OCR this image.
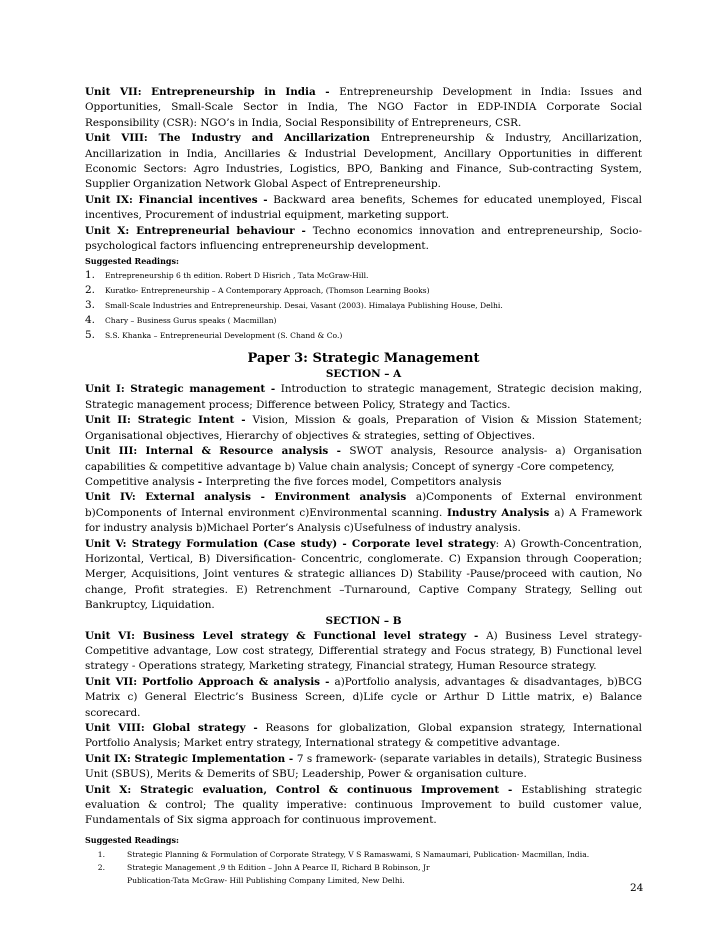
Unit VII: Entrepreneurship in India - Entrepreneurship Development in India: Issues and Opportunities, Small-Scale Sector in India, The NGO Factor in EDP-INDIA Corporate Social Responsibility (CSR): NGO’s in India, Social Responsibility of Entrepreneurs, CSR.

Unit VIII: The Industry and Ancillarization Entrepreneurship & Industry, Ancillarization, Ancillarization in India, Ancillaries & Industrial Development, Ancillary Opportunities in different Economic Sectors: Agro Industries, Logistics, BPO, Banking and Finance, Sub-contracting System, Supplier Organization Network Global Aspect of Entrepreneurship.

Unit IX: Financial incentives - Backward area benefits, Schemes for educated unemployed, Fiscal incentives, Procurement of industrial equipment, marketing support.

Unit X: Entrepreneurial behaviour - Techno economics innovation and entrepreneurship, Socio-psychological factors influencing entrepreneurship development.

Suggested Readings:
1.	Entrepreneurship 6 th edition. Robert D Hisrich , Tata McGraw-Hill.
2.	Kuratko- Entrepreneurship – A Contemporary Approach, (Thomson Learning Books)
3.	Small-Scale Industries and Entrepreneurship. Desai, Vasant (2003). Himalaya Publishing House, Delhi.
4.	Chary – Business Gurus speaks ( Macmillan)
5.	S.S. Khanka – Entrepreneurial Development (S. Chand & Co.)
Paper 3: Strategic Management
SECTION – A

Unit I: Strategic management - Introduction to strategic management, Strategic decision making, Strategic management process; Difference between Policy, Strategy and Tactics.

Unit II: Strategic Intent - Vision, Mission & goals, Preparation of Vision & Mission Statement; Organisational objectives, Hierarchy of objectives & strategies, setting of Objectives.

Unit III: Internal & Resource analysis - SWOT analysis, Resource analysis- a) Organisation capabilities & competitive advantage b) Value chain analysis; Concept of synergy -Core competency,
Competitive analysis - Interpreting the five forces model, Competitors analysis

Unit IV: External analysis - Environment analysis a)Components of External environment b)Components of Internal environment c)Environmental scanning. Industry Analysis a) A Framework for industry analysis b)Michael Porter’s Analysis c)Usefulness of industry analysis.

Unit V: Strategy Formulation (Case study) - Corporate level strategy: A) Growth-Concentration, Horizontal, Vertical, B) Diversification- Concentric, conglomerate. C) Expansion through Cooperation; Merger, Acquisitions, Joint ventures & strategic alliances D) Stability -Pause/proceed with caution, No change, Profit strategies. E) Retrenchment –Turnaround, Captive Company Strategy, Selling out Bankruptcy, Liquidation.

SECTION – B

Unit VI: Business Level strategy & Functional level strategy - A) Business Level strategy- Competitive advantage, Low cost strategy, Differential strategy and Focus strategy, B) Functional level strategy - Operations strategy, Marketing strategy, Financial strategy, Human Resource strategy.

Unit VII: Portfolio Approach & analysis - a)Portfolio analysis, advantages & disadvantages, b)BCG Matrix c) General Electric’s Business Screen, d)Life cycle or Arthur D Little matrix, e) Balance scorecard.

Unit VIII: Global strategy - Reasons for globalization, Global expansion strategy, International Portfolio Analysis; Market entry strategy, International strategy & competitive advantage.

Unit IX: Strategic Implementation - 7 s framework- (separate variables in details), Strategic Business Unit (SBUS), Merits & Demerits of SBU; Leadership, Power & organisation culture.

Unit X: Strategic evaluation, Control & continuous Improvement - Establishing strategic evaluation & control; The quality imperative: continuous Improvement to build customer value, Fundamentals of Six sigma approach for continuous improvement.

Suggested Readings:
1.	Strategic Planning & Formulation of Corporate Strategy, V S Ramaswami, S Namaumari, Publication- Macmillan, India.
2.	Strategic Management ,9 th Edition – John A Pearce II, Richard B Robinson, Jr
Publication-Tata McGraw- Hill Publishing Company Limited, New Delhi.
24
